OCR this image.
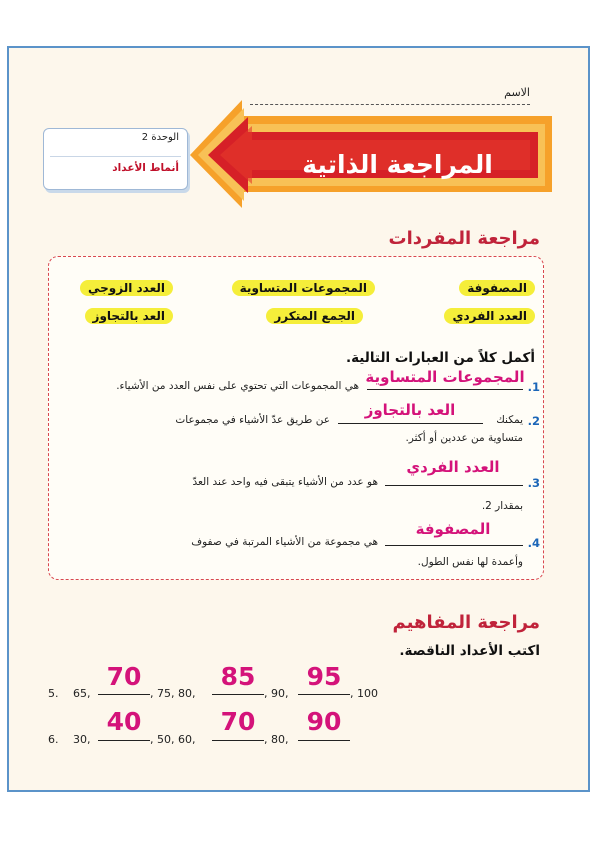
الاسم
الوحدة 2
أنماط الأعداد	المراجعة الذاتية
مراجعة المفردات
المصفوفة
المجموعات المتساوية
العدد الزوجي
العدد الفردي
الجمع المتكرر
العد بالتجاوز
أكمل كلاً من العبارات التالية.
1.
المجموعات المتساوية
هي المجموعات التي تحتوي على نفس العدد من الأشياء.
2.
يمكنك
العد بالتجاوز
عن طريق عدّ الأشياء في مجموعات
متساوية من عددين أو أكثر.
3.
العدد الفردي
هو عدد من الأشياء يتبقى فيه واحد عند العدّ
بمقدار 2.
4.
المصفوفة
هي مجموعة من الأشياء المرتبة في صفوف
وأعمدة لها نفس الطول.
مراجعة المفاهيم
اكتب الأعداد الناقصة.
5. 65,
70
, 75, 80,
85
, 90,
95
, 100
6. 30,
40
, 50, 60,
70
, 80,
90
